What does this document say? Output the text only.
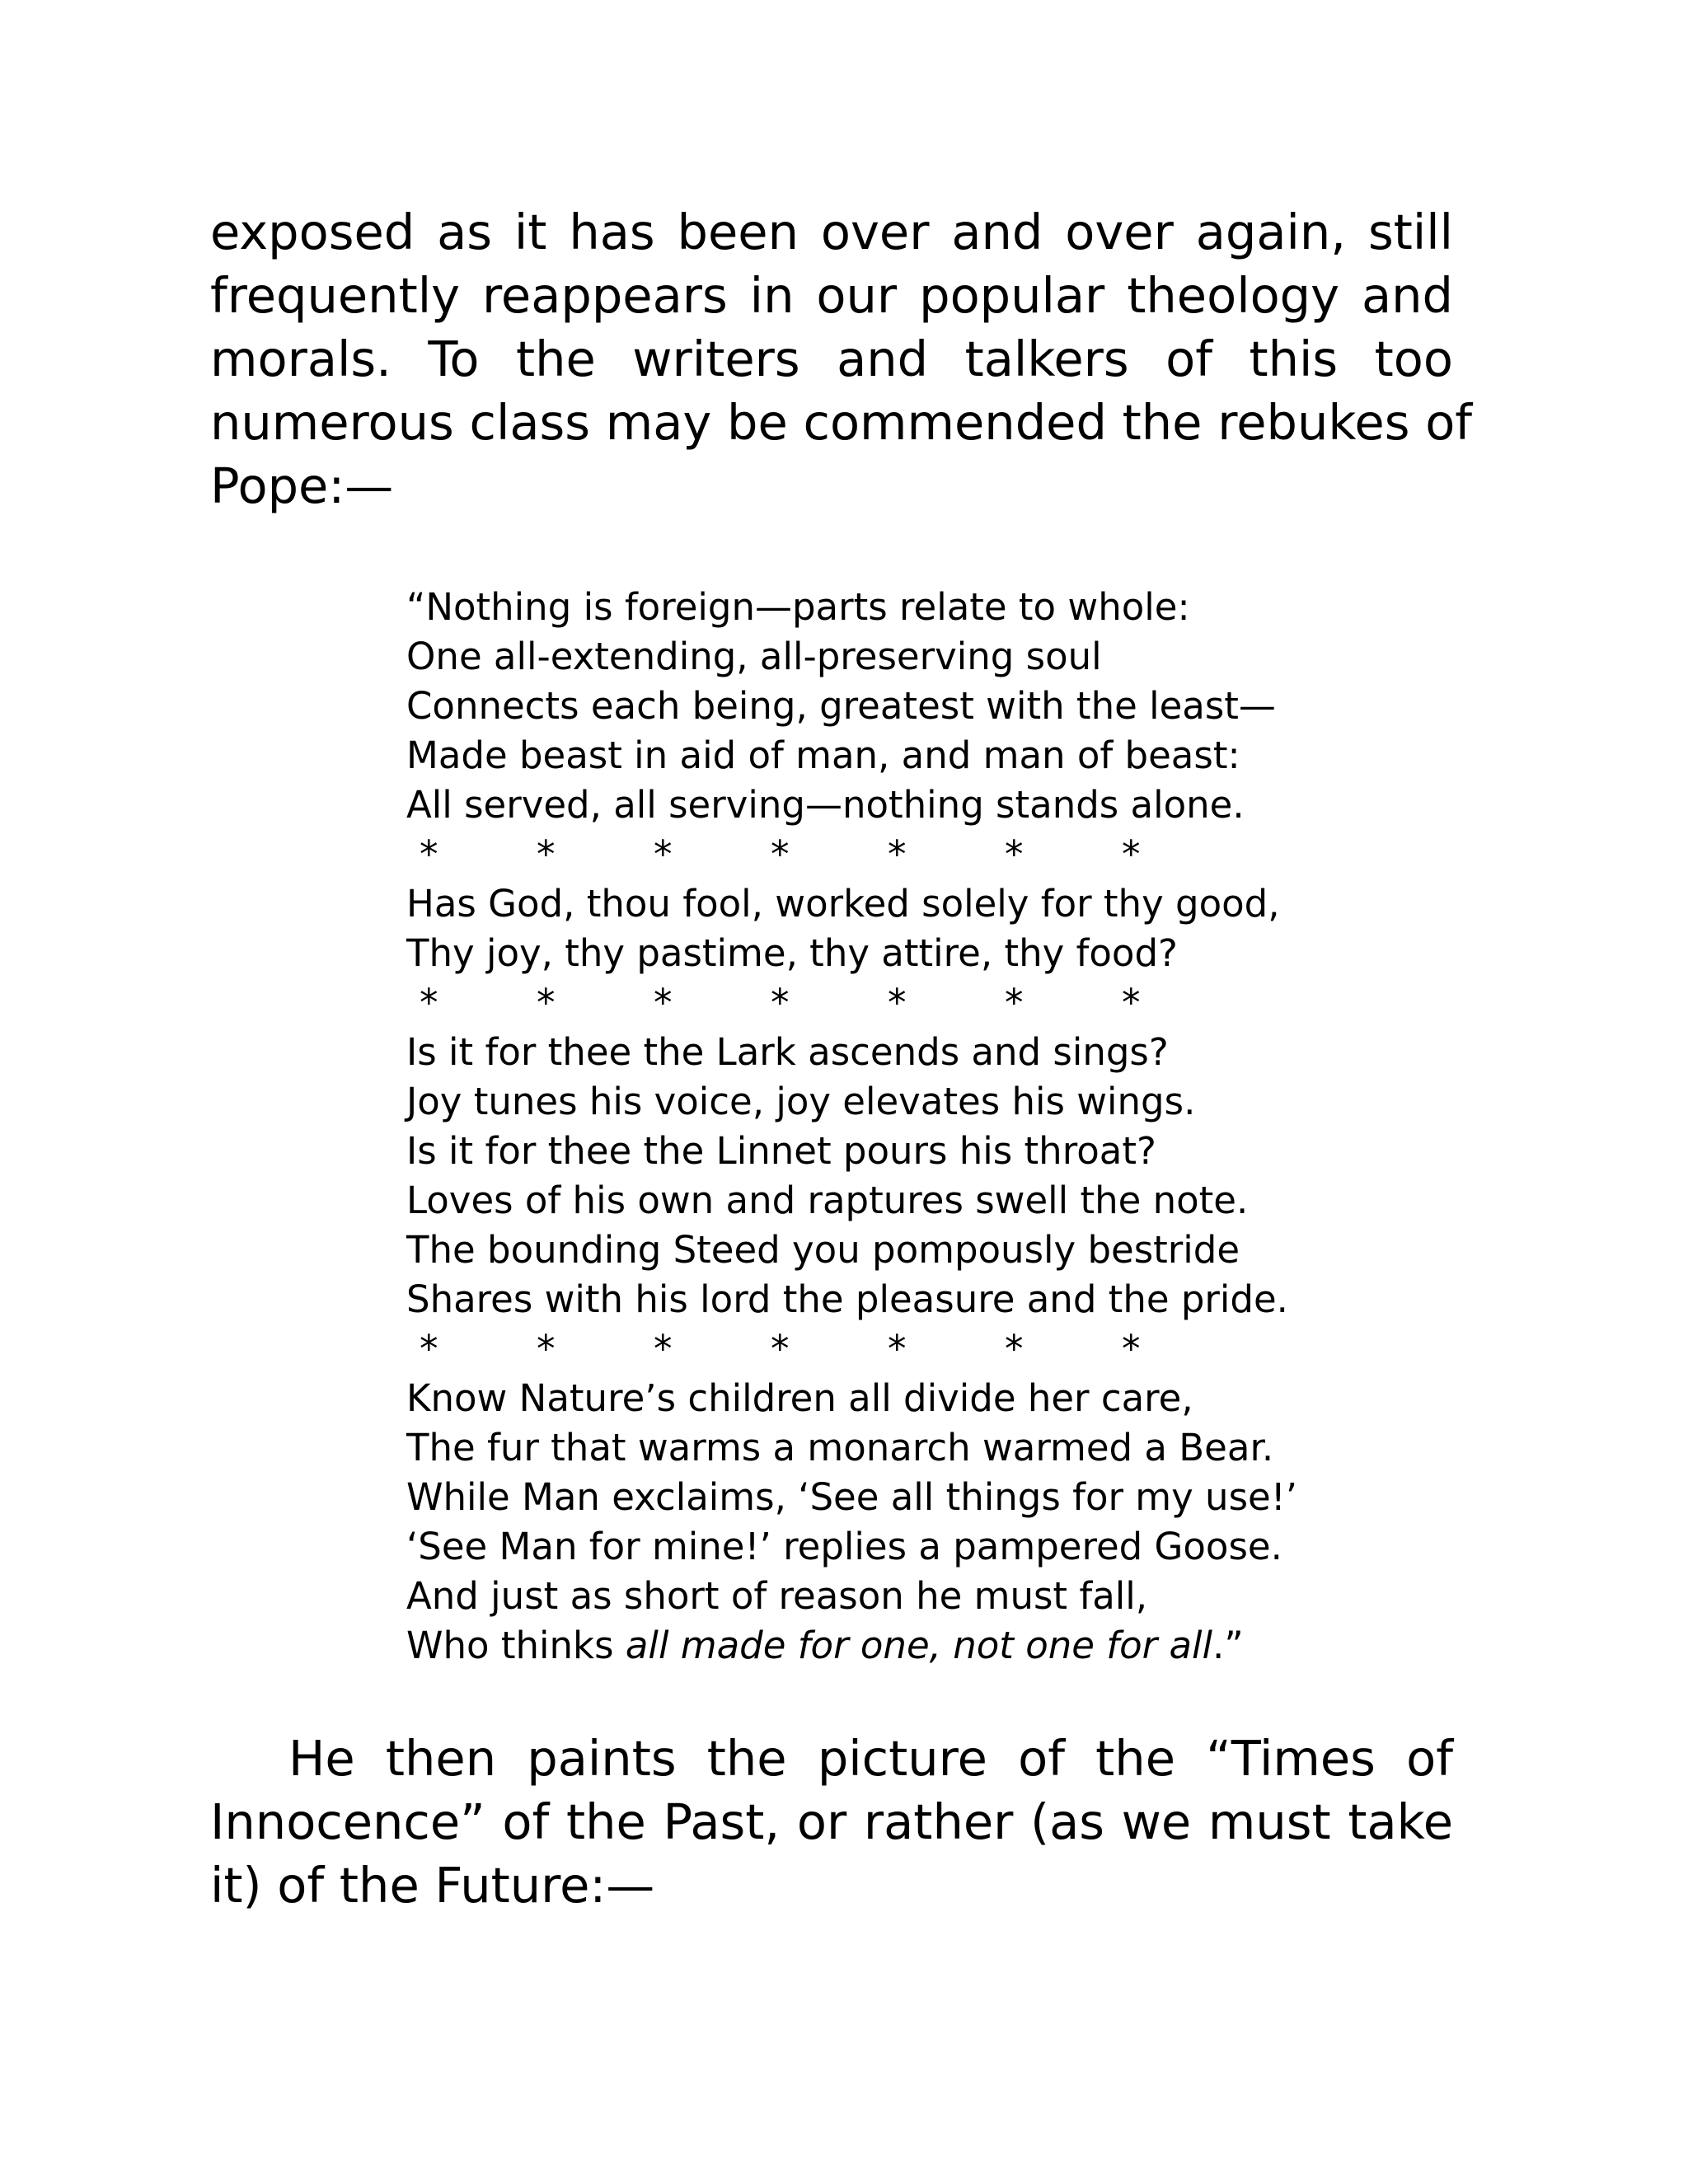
exposed as it has been over and over again, still
frequently reappears in our popular theology and
morals. To the writers and talkers of this too
numerous class may be commended the rebukes of
Pope:—

“Nothing is foreign—parts relate to whole:
One all-extending, all-preserving soul
Connects each being, greatest with the least—
Made beast in aid of man, and man of beast:
All served, all serving—nothing stands alone.
*	*	*	*	*	*	*
Has God, thou fool, worked solely for thy good,
Thy joy, thy pastime, thy attire, thy food?
*	*	*	*	*	*	*
Is it for thee the Lark ascends and sings?
Joy tunes his voice, joy elevates his wings.
Is it for thee the Linnet pours his throat?
Loves of his own and raptures swell the note.
The bounding Steed you pompously bestride
Shares with his lord the pleasure and the pride.
*	*	*	*	*	*	*
Know Nature’s children all divide her care,
The fur that warms a monarch warmed a Bear.
While Man exclaims, ‘See all things for my use!’
‘See Man for mine!’ replies a pampered Goose.
And just as short of reason he must fall,
Who thinks all made for one, not one for all.”

He then paints the picture of the “Times of
Innocence” of the Past, or rather (as we must take
it) of the Future:—
